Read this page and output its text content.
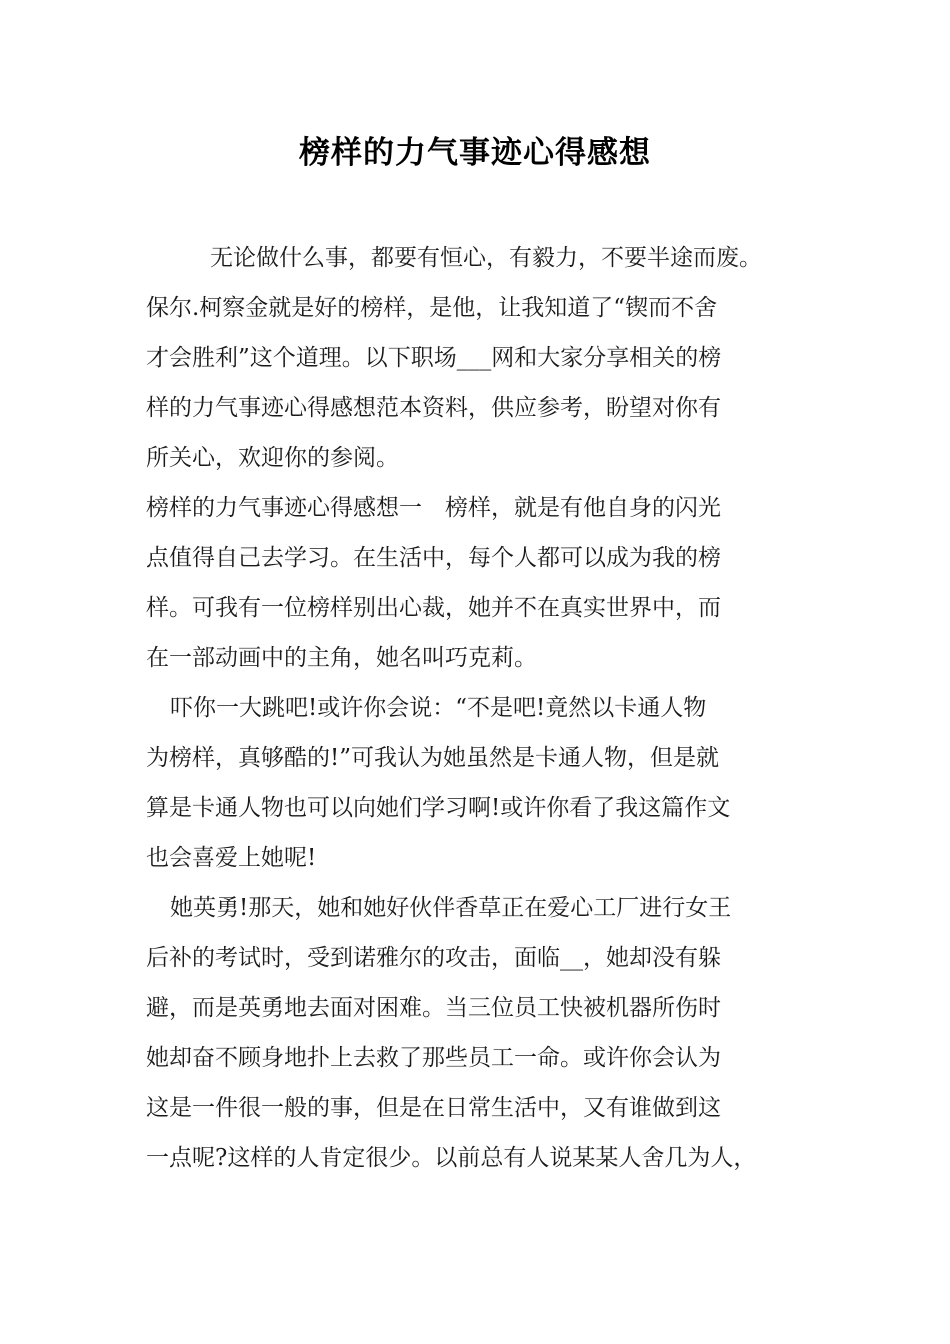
榜样的力气事迹心得感想
无论做什么事，都要有恒心，有毅力，不要半途而废。
保尔.柯察金就是好的榜样，是他，让我知道了“锲而不舍
才会胜利”这个道理。以下职场___网和大家分享相关的榜
样的力气事迹心得感想范本资料，供应参考，盼望对你有
所关心，欢迎你的参阅。
榜样的力气事迹心得感想一　榜样，就是有他自身的闪光
点值得自己去学习。在生活中，每个人都可以成为我的榜
样。可我有一位榜样别出心裁，她并不在真实世界中，而
在一部动画中的主角，她名叫巧克莉。
吓你一大跳吧!或许你会说：“不是吧!竟然以卡通人物
为榜样，真够酷的!”可我认为她虽然是卡通人物，但是就
算是卡通人物也可以向她们学习啊!或许你看了我这篇作文
也会喜爱上她呢!
她英勇!那天，她和她好伙伴香草正在爱心工厂进行女王
后补的考试时，受到诺雅尔的攻击，面临__，她却没有躲
避，而是英勇地去面对困难。当三位员工快被机器所伤时
她却奋不顾身地扑上去救了那些员工一命。或许你会认为
这是一件很一般的事，但是在日常生活中，又有谁做到这
一点呢?这样的人肯定很少。以前总有人说某某人舍几为人，
